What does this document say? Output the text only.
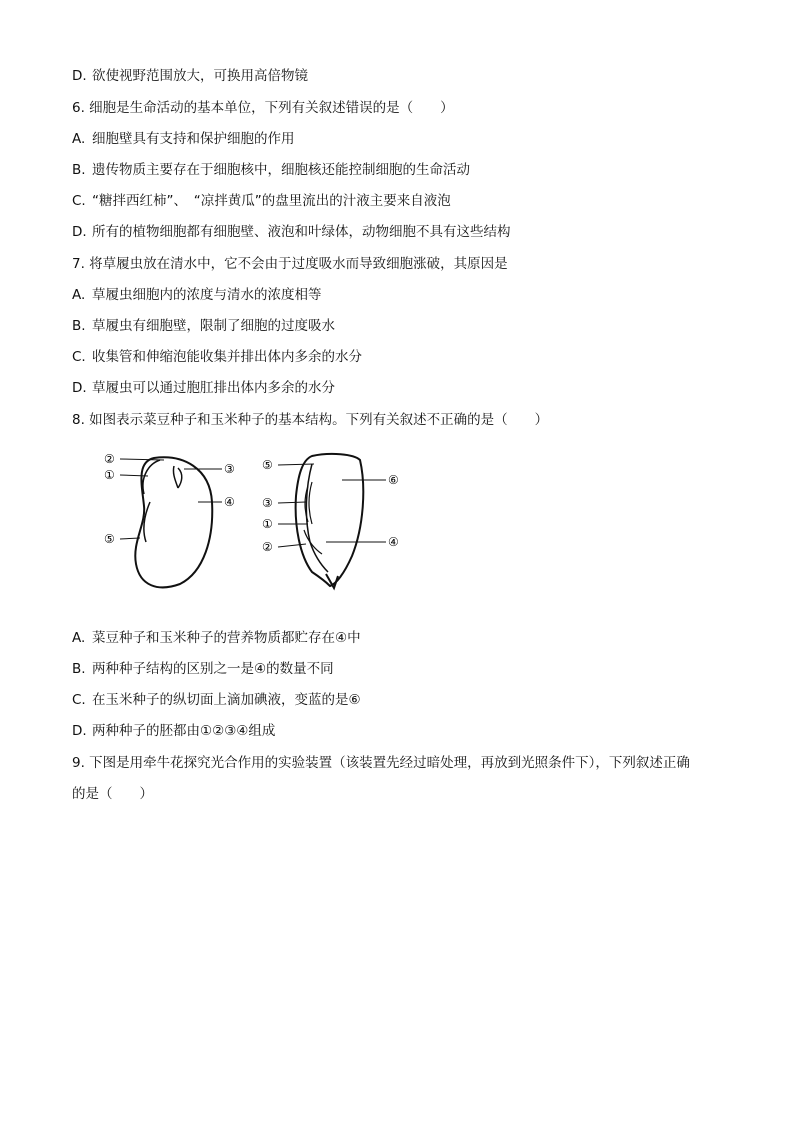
D. 欲使视野范围放大，可换用高倍物镜
6. 细胞是生命活动的基本单位，下列有关叙述错误的是（　　）
A. 细胞壁具有支持和保护细胞的作用
B. 遗传物质主要存在于细胞核中，细胞核还能控制细胞的生命活动
C. “糖拌西红柿”、　“凉拌黄瓜”的盘里流出的汁液主要来自液泡
D. 所有的植物细胞都有细胞壁、液泡和叶绿体，动物细胞不具有这些结构
7. 将草履虫放在清水中，它不会由于过度吸水而导致细胞涨破，其原因是
A. 草履虫细胞内的浓度与清水的浓度相等
B. 草履虫有细胞壁，限制了细胞的过度吸水
C. 收集管和伸缩泡能收集并排出体内多余的水分
D. 草履虫可以通过胞肛排出体内多余的水分
8. 如图表示菜豆种子和玉米种子的基本结构。下列有关叙述不正确的是（　　）
②
①	③
④
⑤
⑤
⑥
③
①
②	④
A. 菜豆种子和玉米种子的营养物质都贮存在④中
B. 两种种子结构的区别之一是④的数量不同
C. 在玉米种子的纵切面上滴加碘液，变蓝的是⑥
D. 两种种子的胚都由①②③④组成
9. 下图是用牵牛花探究光合作用的实验装置（该装置先经过暗处理，再放到光照条件下），下列叙述正确
的是（　　）
